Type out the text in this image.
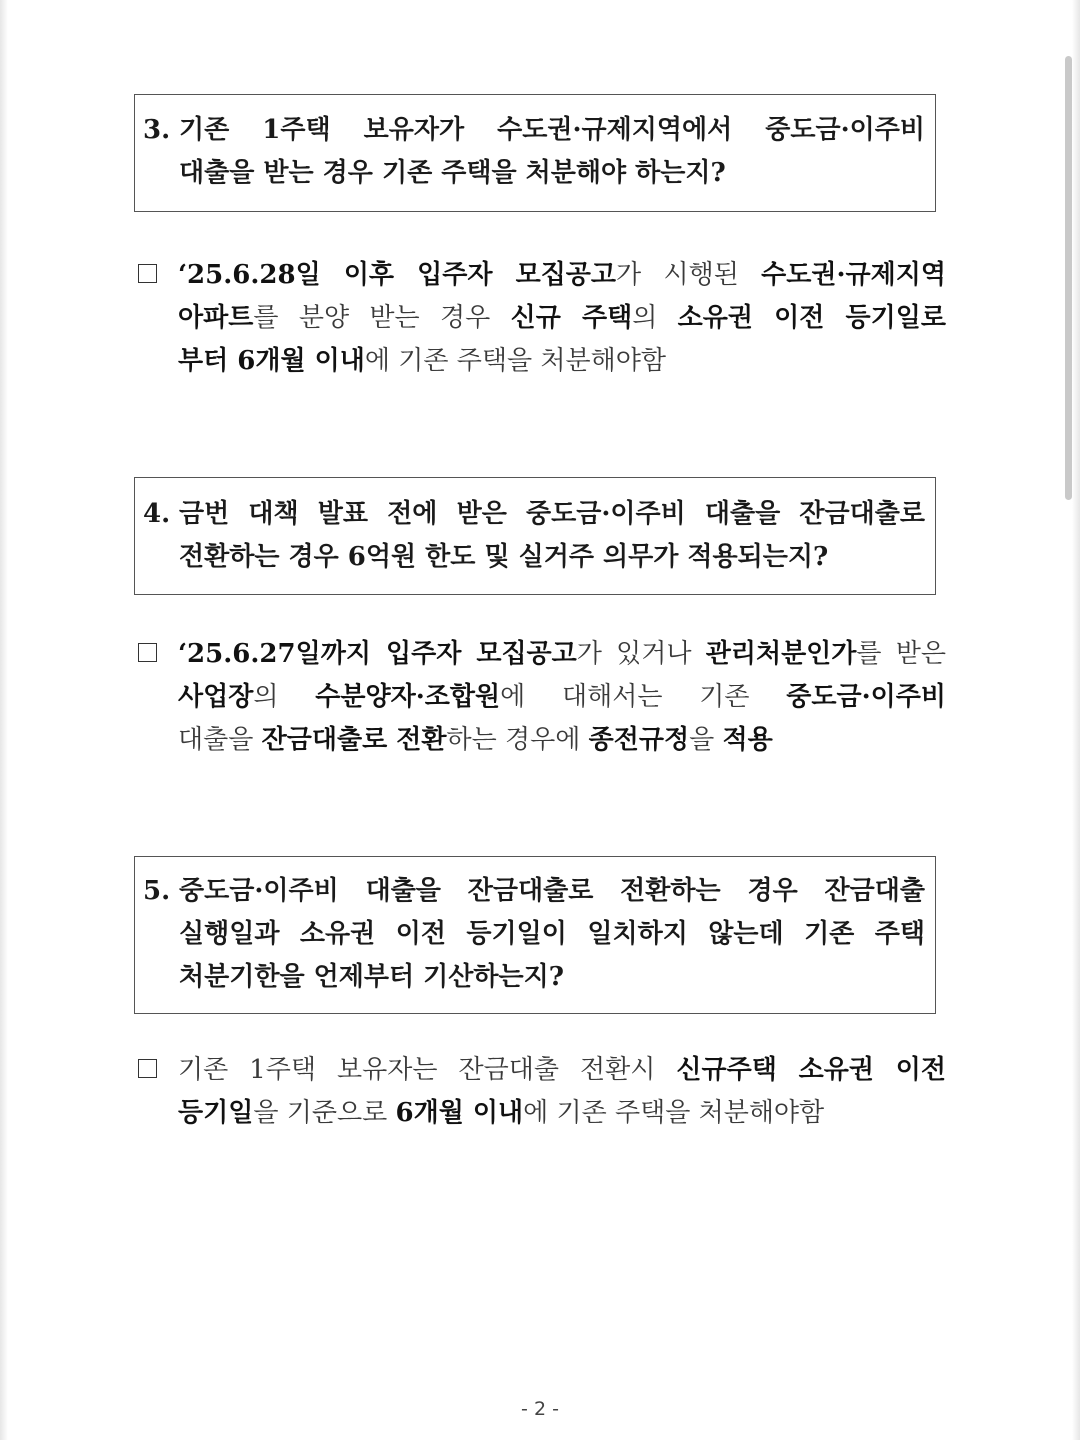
3. 기존 1주택 보유자가 수도권·규제지역에서 중도금·이주비
대출을 받는 경우 기존 주택을 처분해야 하는지?
‘25.6.28일 이후 입주자 모집공고가 시행된 수도권·규제지역
아파트를 분양 받는 경우 신규 주택의 소유권 이전 등기일로
부터 6개월 이내에 기존 주택을 처분해야함
4. 금번 대책 발표 전에 받은 중도금·이주비 대출을 잔금대출로
전환하는 경우 6억원 한도 및 실거주 의무가 적용되는지?
‘25.6.27일까지 입주자 모집공고가 있거나 관리처분인가를 받은
사업장의 수분양자·조합원에 대해서는 기존 중도금·이주비
대출을 잔금대출로 전환하는 경우에 종전규정을 적용
5. 중도금·이주비 대출을 잔금대출로 전환하는 경우 잔금대출
실행일과 소유권 이전 등기일이 일치하지 않는데 기존 주택
처분기한을 언제부터 기산하는지?
기존 1주택 보유자는 잔금대출 전환시 신규주택 소유권 이전
등기일을 기준으로 6개월 이내에 기존 주택을 처분해야함
- 2 -
